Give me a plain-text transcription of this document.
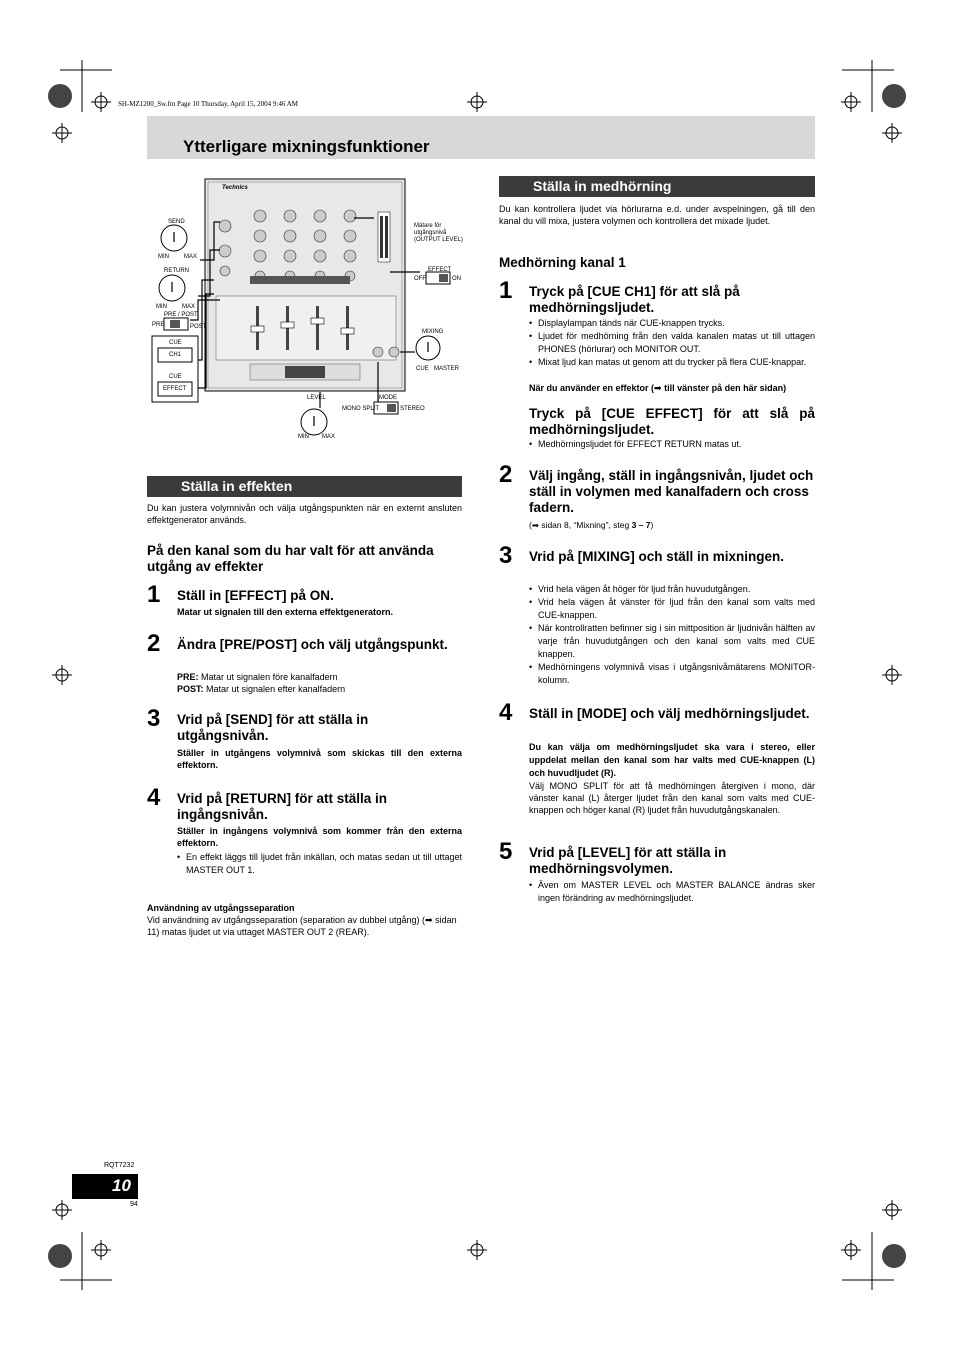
SH-MZ1200_Sw.fm Page 10 Thursday, April 15, 2004 9:46 AM
Ytterligare mixningsfunktioner
SEND
MIN	MAX
RETURN
MIN	MAX
PRE / POST
PRE	POST
CUE
CH1
CUE
EFFECT
Mätare för utgångsnivå (OUTPUT LEVEL)
EFFECT
OFF	ON
MIXING
CUE MASTER
LEVEL
MIN MAX
MODE
MONO SPLIT	STEREO
Technics
Ställa in effekten
Du kan justera volymnivån och välja utgångspunkten när en externt ansluten effektgenerator används.
På den kanal som du har valt för att använda utgång av effekter
1 Ställ in [EFFECT] på ON.
Matar ut signalen till den externa effektgeneratorn.
2 Ändra [PRE/POST] och välj utgångspunkt.
PRE: Matar ut signalen före kanalfadern
POST: Matar ut signalen efter kanalfadern
3 Vrid på [SEND] för att ställa in utgångsnivån.
Ställer in utgångens volymnivå som skickas till den externa effektorn.
4 Vrid på [RETURN] för att ställa in ingångsnivån.
Ställer in ingångens volymnivå som kommer från den externa effektorn.
• En effekt läggs till ljudet från inkällan, och matas sedan ut till uttaget MASTER OUT 1.
Användning av utgångsseparation
Vid användning av utgångsseparation (separation av dubbel utgång) (➡ sidan 11) matas ljudet ut via uttaget MASTER OUT 2 (REAR).
Ställa in medhörning
Du kan kontrollera ljudet via hörlurarna e.d. under avspelningen, gå till den kanal du vill mixa, justera volymen och kontrollera det mixade ljudet.
Medhörning kanal 1
1 Tryck på [CUE CH1] för att slå på medhörningsljudet.
• Displaylampan tänds när CUE-knappen trycks.
• Ljudet för medhörning från den valda kanalen matas ut till uttagen PHONES (hörlurar) och MONITOR OUT.
• Mixat ljud kan matas ut genom att du trycker på flera CUE-knappar.
När du använder en effektor (➡ till vänster på den här sidan)
Tryck på [CUE EFFECT] för att slå på medhörningsljudet.
• Medhörningsljudet för EFFECT RETURN matas ut.
2 Välj ingång, ställ in ingångsnivån, ljudet och ställ in volymen med kanalfadern och cross fadern.
(➡ sidan 8, “Mixning”, steg 3 – 7)
3 Vrid på [MIXING] och ställ in mixningen.
• Vrid hela vägen åt höger för ljud från huvudutgången.
• Vrid hela vägen åt vänster för ljud från den kanal som valts med CUE-knappen.
• När kontrollratten befinner sig i sin mittposition är ljudnivån hälften av varje från huvudutgången och den kanal som valts med CUE knappen.
• Medhörningens volymnivå visas i utgångsnivåmätarens MONITOR-kolumn.
4 Ställ in [MODE] och välj medhörningsljudet.
Du kan välja om medhörningsljudet ska vara i stereo, eller uppdelat mellan den kanal som har valts med CUE-knappen (L) och huvudljudet (R).
Välj MONO SPLIT för att få medhörningen återgiven i mono, där vänster kanal (L) återger ljudet från den kanal som valts med CUE-knappen och höger kanal (R) ljudet från huvudutgångskanalen.
5 Vrid på [LEVEL] för att ställa in medhörningsvolymen.
• Även om MASTER LEVEL och MASTER BALANCE ändras sker ingen förändring av medhörningsljudet.
RQT7232
10
94
